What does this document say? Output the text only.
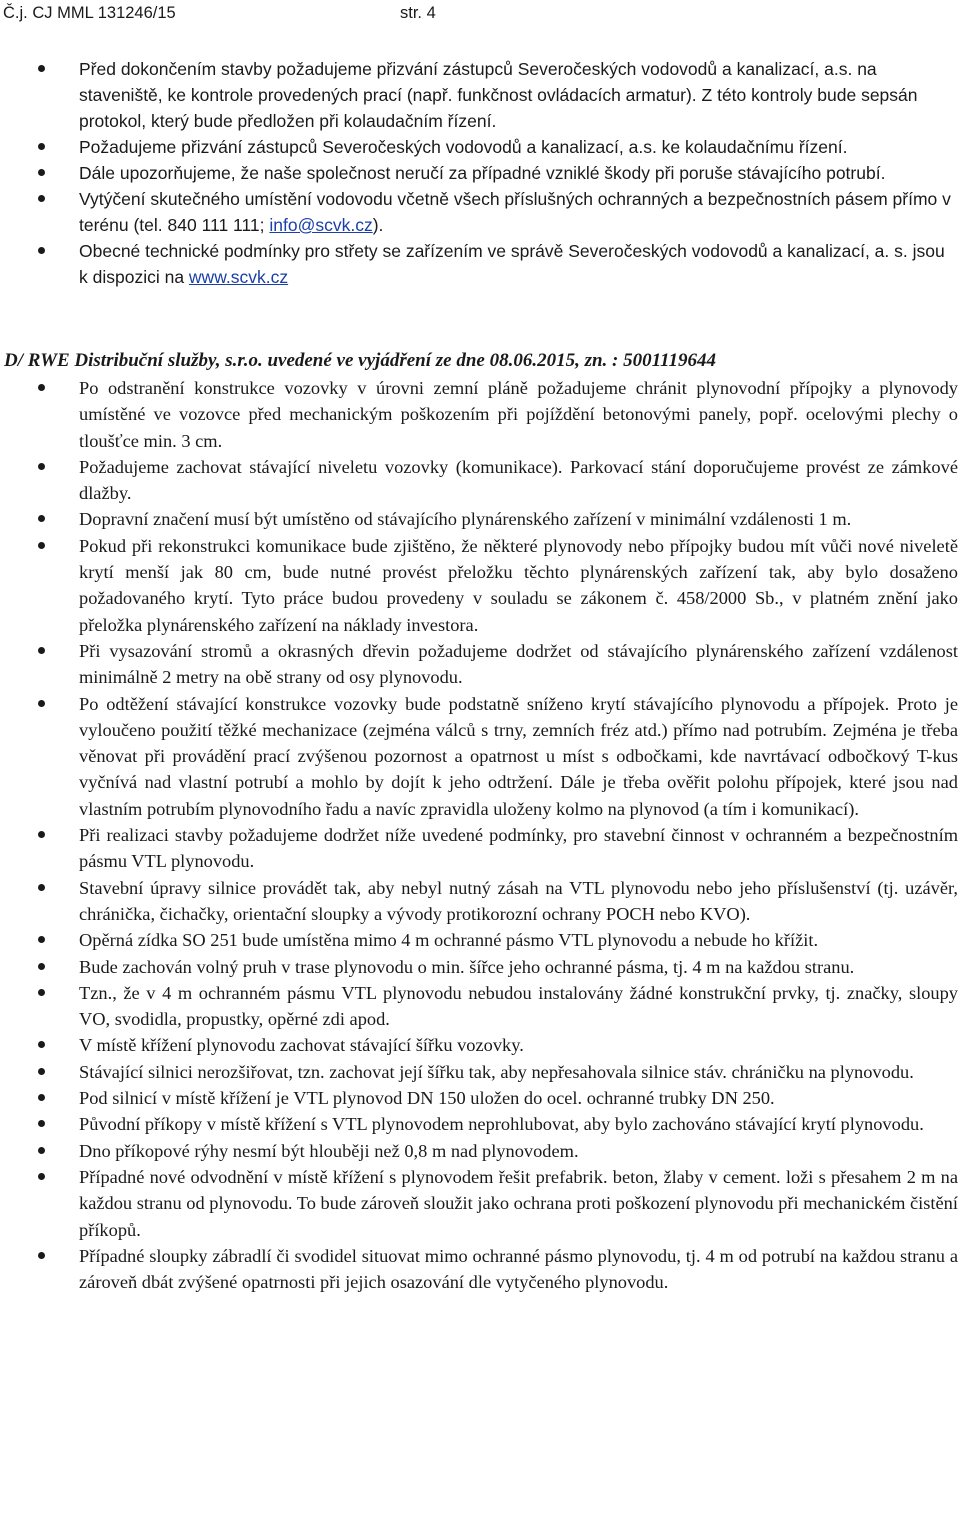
Č.j. CJ MML 131246/15	str. 4
Před dokončením stavby požadujeme přizvání zástupců Severočeských vodovodů a kanalizací, a.s. na staveniště, ke kontrole provedených prací (např. funkčnost ovládacích armatur). Z této kontroly bude sepsán protokol, který bude předložen při kolaudačním řízení.
Požadujeme přizvání zástupců Severočeských vodovodů a kanalizací, a.s. ke kolaudačnímu řízení.
Dále upozorňujeme, že naše společnost neručí za případné vzniklé škody při poruše stávajícího potrubí.
Vytýčení skutečného umístění vodovodu včetně všech příslušných ochranných a bezpečnostních pásem přímo v terénu (tel. 840 111 111; info@scvk.cz).
Obecné technické podmínky pro střety se zařízením ve správě Severočeských vodovodů a kanalizací, a. s. jsou k dispozici na www.scvk.cz
D/ RWE Distribuční služby, s.r.o. uvedené ve vyjádření ze dne 08.06.2015, zn. : 5001119644
Po odstranění konstrukce vozovky v úrovni zemní pláně požadujeme chránit plynovodní přípojky a plynovody umístěné ve vozovce před mechanickým poškozením při pojíždění betonovými panely, popř. ocelovými plechy o tloušťce min. 3 cm.
Požadujeme zachovat stávající niveletu vozovky (komunikace). Parkovací stání doporučujeme provést ze zámkové dlažby.
Dopravní značení musí být umístěno od stávajícího plynárenského zařízení v minimální vzdálenosti 1 m.
Pokud při rekonstrukci komunikace bude zjištěno, že některé plynovody nebo přípojky budou mít vůči nové niveletě krytí menší jak 80 cm, bude nutné provést přeložku těchto plynárenských zařízení tak, aby bylo dosaženo požadovaného krytí. Tyto práce budou provedeny v souladu se zákonem č. 458/2000 Sb., v platném znění jako přeložka plynárenského zařízení na náklady investora.
Při vysazování stromů a okrasných dřevin požadujeme dodržet od stávajícího plynárenského zařízení vzdálenost minimálně 2 metry na obě strany od osy plynovodu.
Po odtěžení stávající konstrukce vozovky bude podstatně sníženo krytí stávajícího plynovodu a přípojek. Proto je vyloučeno použití těžké mechanizace (zejména válců s trny, zemních fréz atd.) přímo nad potrubím. Zejména je třeba věnovat při provádění prací zvýšenou pozornost a opatrnost u míst s odbočkami, kde navrtávací odbočkový T-kus vyčnívá nad vlastní potrubí a mohlo by dojít k jeho odtržení. Dále je třeba ověřit polohu přípojek, které jsou nad vlastním potrubím plynovodního řadu a navíc zpravidla uloženy kolmo na plynovod (a tím i komunikací).
Při realizaci stavby požadujeme dodržet níže uvedené podmínky, pro stavební činnost v ochranném a bezpečnostním pásmu VTL plynovodu.
Stavební úpravy silnice provádět tak, aby nebyl nutný zásah na VTL plynovodu nebo jeho příslušenství (tj. uzávěr, chránička, čichačky, orientační sloupky a vývody protikorozní ochrany POCH nebo KVO).
Opěrná zídka SO 251 bude umístěna mimo 4 m ochranné pásmo VTL plynovodu a nebude ho křížit.
Bude zachován volný pruh v trase plynovodu o min. šířce jeho ochranné pásma, tj. 4 m na každou stranu.
Tzn., že v 4 m ochranném pásmu VTL plynovodu nebudou instalovány žádné konstrukční prvky, tj. značky, sloupy VO, svodidla, propustky, opěrné zdi apod.
V místě křížení plynovodu zachovat stávající šířku vozovky.
Stávající silnici nerozšiřovat, tzn. zachovat její šířku tak, aby nepřesahovala silnice stáv. chráničku na plynovodu.
Pod silnicí v místě křížení je VTL plynovod DN 150 uložen do ocel. ochranné trubky DN 250.
Původní příkopy v místě křížení s VTL plynovodem neprohlubovat, aby bylo zachováno stávající krytí plynovodu.
Dno příkopové rýhy nesmí být hlouběji než 0,8 m nad plynovodem.
Případné nové odvodnění v místě křížení s plynovodem řešit prefabrik. beton, žlaby v cement. loži s přesahem 2 m na každou stranu od plynovodu. To bude zároveň sloužit jako ochrana proti poškození plynovodu při mechanickém čistění příkopů.
Případné sloupky zábradlí či svodidel situovat mimo ochranné pásmo plynovodu, tj. 4 m od potrubí na každou stranu a zároveň dbát zvýšené opatrnosti při jejich osazování dle vytyčeného plynovodu.
